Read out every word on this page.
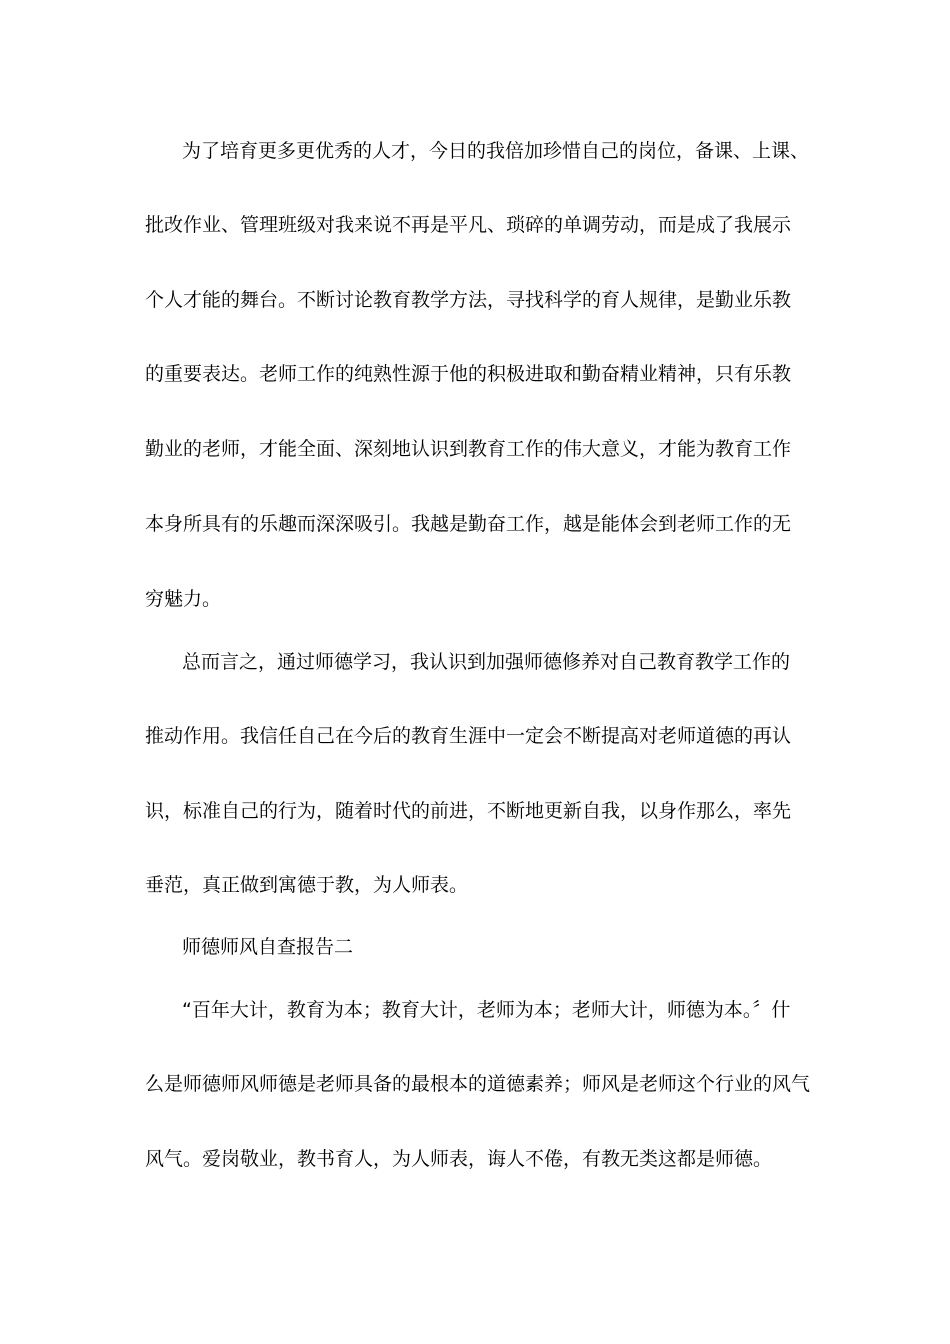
为了培育更多更优秀的人才，今日的我倍加珍惜自己的岗位，备课、上课、
批改作业、管理班级对我来说不再是平凡、琐碎的单调劳动，而是成了我展示
个人才能的舞台。不断讨论教育教学方法，寻找科学的育人规律，是勤业乐教
的重要表达。老师工作的纯熟性源于他的积极进取和勤奋精业精神，只有乐教
勤业的老师，才能全面、深刻地认识到教育工作的伟大意义，才能为教育工作
本身所具有的乐趣而深深吸引。我越是勤奋工作，越是能体会到老师工作的无
穷魅力。
总而言之，通过师德学习，我认识到加强师德修养对自己教育教学工作的
推动作用。我信任自己在今后的教育生涯中一定会不断提高对老师道德的再认
识，标准自己的行为，随着时代的前进，不断地更新自我，以身作那么，率先
垂范，真正做到寓德于教，为人师表。
师德师风自查报告二
“百年大计，教育为本；教育大计，老师为本；老师大计，师德为本。〞什
么是师德师风师德是老师具备的最根本的道德素养；师风是老师这个行业的风气
风气。爱岗敬业，教书育人，为人师表，诲人不倦，有教无类这都是师德。
